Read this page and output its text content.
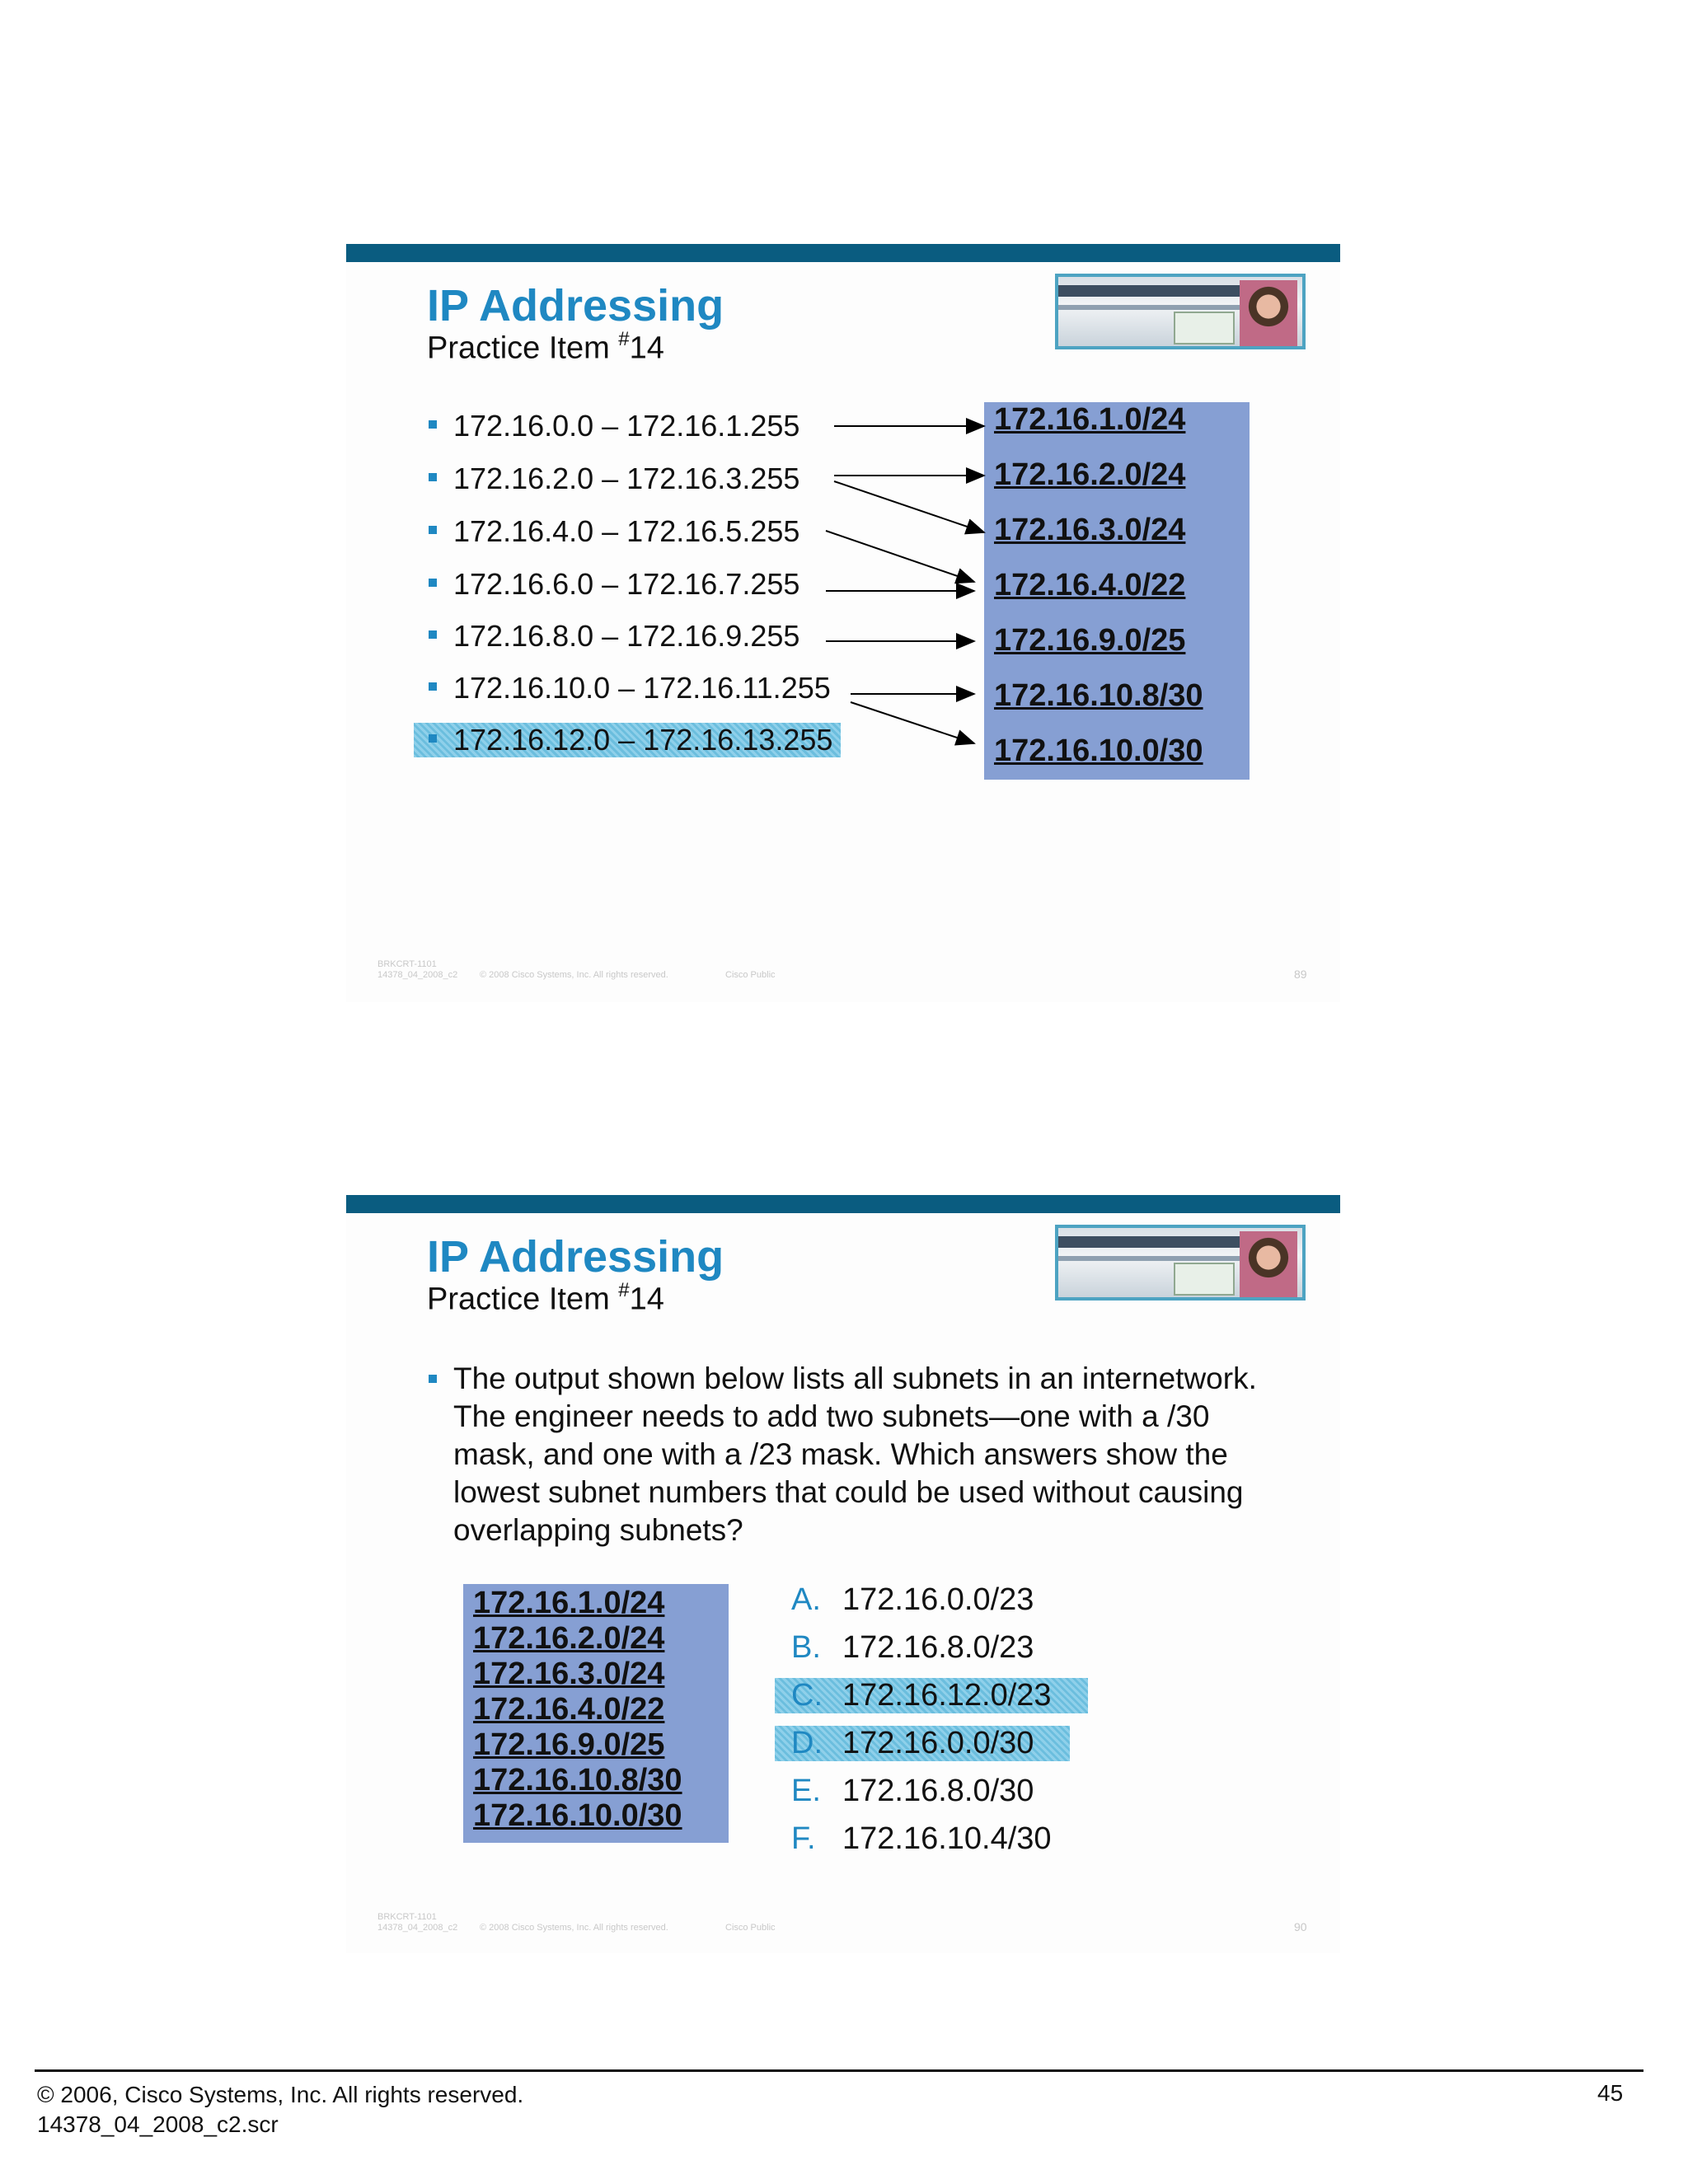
IP Addressing
Practice Item #14
172.16.0.0 – 172.16.1.255
172.16.2.0 – 172.16.3.255
172.16.4.0 – 172.16.5.255
172.16.6.0 – 172.16.7.255
172.16.8.0 – 172.16.9.255
172.16.10.0 – 172.16.11.255
172.16.12.0 – 172.16.13.255
172.16.1.0/24
172.16.2.0/24
172.16.3.0/24
172.16.4.0/22
172.16.9.0/25
172.16.10.8/30
172.16.10.0/30
BRKCRT-1101
14378_04_2008_c2 © 2008 Cisco Systems, Inc. All rights reserved.	Cisco Public	89
IP Addressing
Practice Item #14
The output shown below lists all subnets in an internetwork. The engineer needs to add two subnets—one with a /30 mask, and one with a /23 mask. Which answers show the lowest subnet numbers that could be used without causing overlapping subnets?
172.16.1.0/24
172.16.2.0/24
172.16.3.0/24
172.16.4.0/22
172.16.9.0/25
172.16.10.8/30
172.16.10.0/30
A. 172.16.0.0/23
B. 172.16.8.0/23
C. 172.16.12.0/23
D. 172.16.0.0/30
E. 172.16.8.0/30
F. 172.16.10.4/30
BRKCRT-1101
14378_04_2008_c2 © 2008 Cisco Systems, Inc. All rights reserved.	Cisco Public	90
© 2006, Cisco Systems, Inc. All rights reserved.
14378_04_2008_c2.scr
45
